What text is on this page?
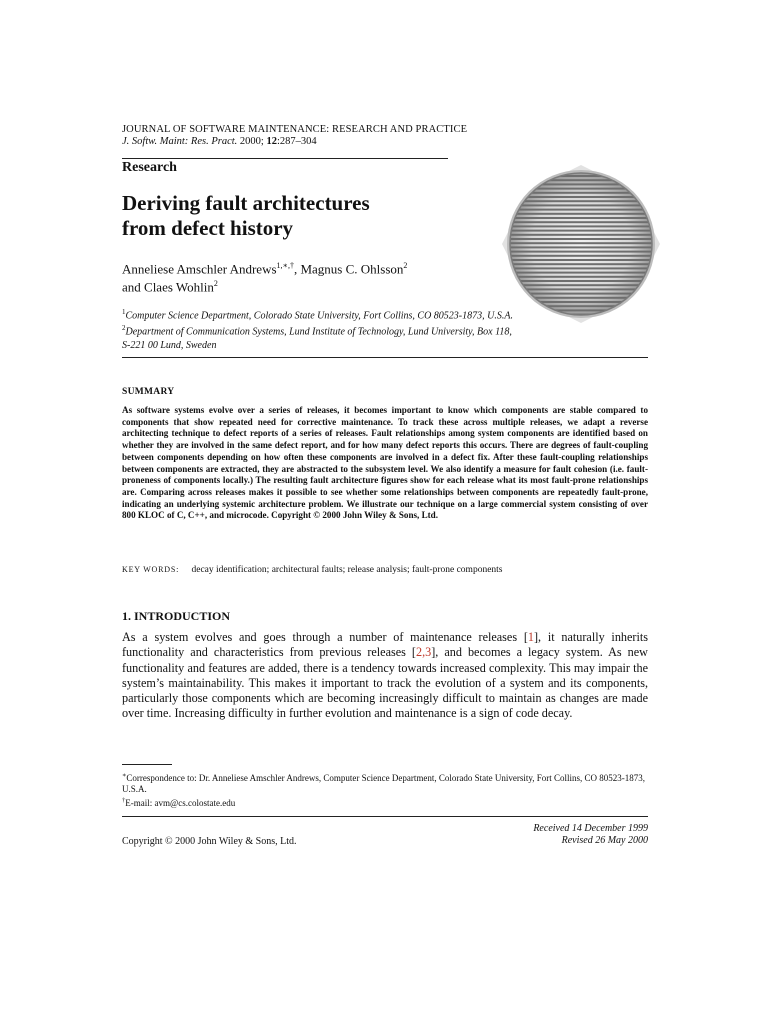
JOURNAL OF SOFTWARE MAINTENANCE: RESEARCH AND PRACTICE
J. Softw. Maint: Res. Pract. 2000; 12:287–304
Research
Deriving fault architectures
from defect history
Anneliese Amschler Andrews$^{1,∗,\dagger}$, Magnus C. Ohlsson$^2$
and Claes Wohlin$^2$
$^1$Computer Science Department, Colorado State University, Fort Collins, CO 80523-1873, U.S.A.
$^2$Department of Communication Systems, Lund Institute of Technology, Lund University, Box 118,
S-221 00 Lund, Sweden
SUMMARY
As software systems evolve over a series of releases, it becomes important to know which components are stable compared to components that show repeated need for corrective maintenance. To track these across multiple releases, we adapt a reverse architecting technique to defect reports of a series of releases. Fault relationships among system components are identified based on whether they are involved in the same defect report, and for how many defect reports this occurs. There are degrees of fault-coupling between components depending on how often these components are involved in a defect fix. After these fault-coupling relationships between components are extracted, they are abstracted to the subsystem level. We also identify a measure for fault cohesion (i.e. fault-proneness of components locally.) The resulting fault architecture figures show for each release what its most fault-prone relationships are. Comparing across releases makes it possible to see whether some relationships between components are repeatedly fault-prone, indicating an underlying systemic architecture problem. We illustrate our technique on a large commercial system consisting of over 800 KLOC of C, C++, and microcode. Copyright © 2000 John Wiley & Sons, Ltd.
KEY WORDS: decay identification; architectural faults; release analysis; fault-prone components
1. INTRODUCTION
As a system evolves and goes through a number of maintenance releases [1], it naturally inherits functionality and characteristics from previous releases [2,3], and becomes a legacy system. As new functionality and features are added, there is a tendency towards increased complexity. This may impair the system’s maintainability. This makes it important to track the evolution of a system and its components, particularly those components which are becoming increasingly difficult to maintain as changes are made over time. Increasing difficulty in further evolution and maintenance is a sign of code decay.
∗Correspondence to: Dr. Anneliese Amschler Andrews, Computer Science Department, Colorado State University, Fort Collins, CO 80523-1873, U.S.A.
†E-mail: avm@cs.colostate.edu
Received 14 December 1999
Revised 26 May 2000
Copyright © 2000 John Wiley & Sons, Ltd.
